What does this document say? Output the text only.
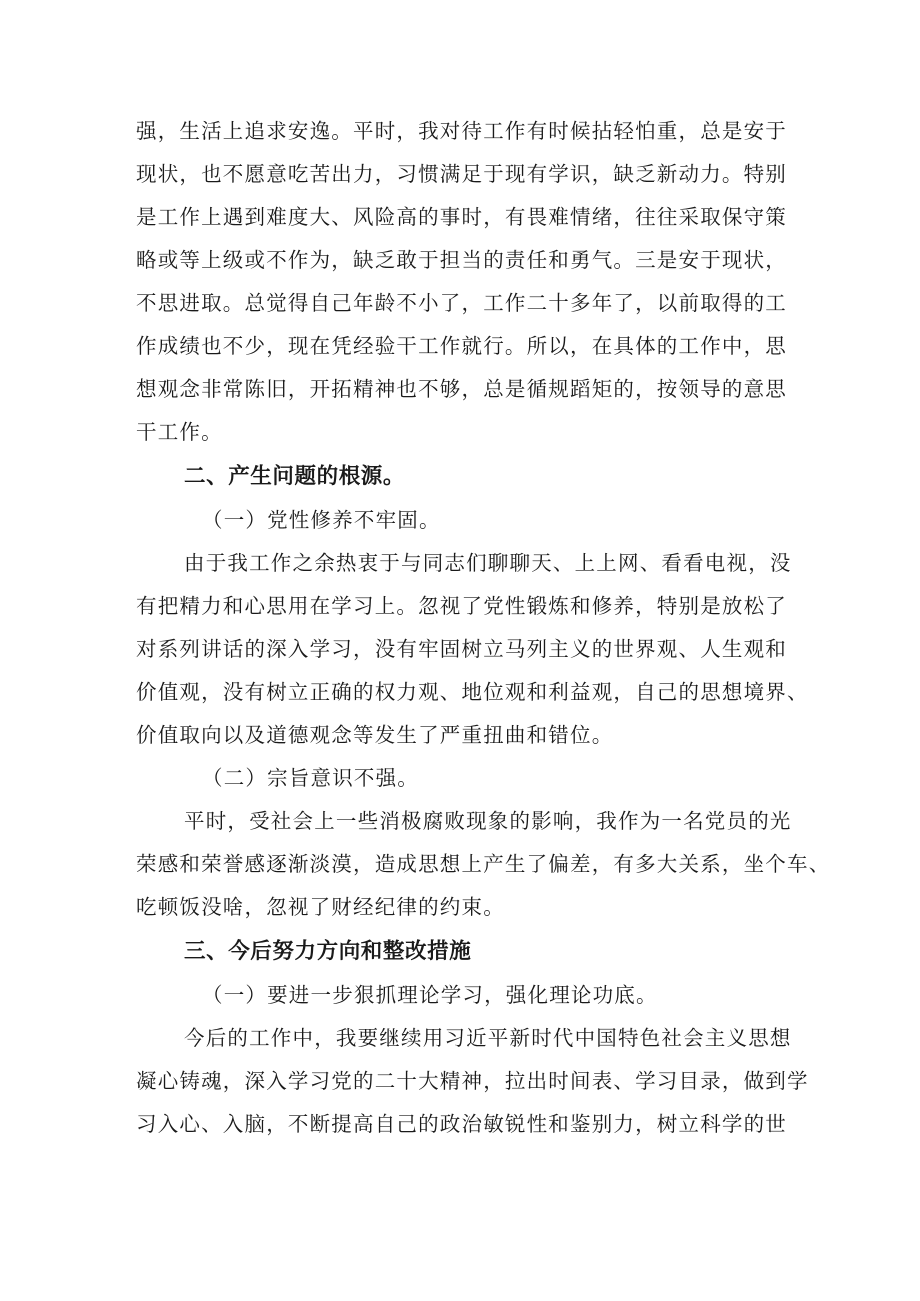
强，生活上追求安逸。平时，我对待工作有时候拈轻怕重，总是安于
现状，也不愿意吃苦出力，习惯满足于现有学识，缺乏新动力。特别
是工作上遇到难度大、风险高的事时，有畏难情绪，往往采取保守策
略或等上级或不作为，缺乏敢于担当的责任和勇气。三是安于现状，
不思进取。总觉得自己年龄不小了，工作二十多年了，以前取得的工
作成绩也不少，现在凭经验干工作就行。所以，在具体的工作中，思
想观念非常陈旧，开拓精神也不够，总是循规蹈矩的，按领导的意思
干工作。
二、产生问题的根源。
（一）党性修养不牢固。
由于我工作之余热衷于与同志们聊聊天、上上网、看看电视，没
有把精力和心思用在学习上。忽视了党性锻炼和修养，特别是放松了
对系列讲话的深入学习，没有牢固树立马列主义的世界观、人生观和
价值观，没有树立正确的权力观、地位观和利益观，自己的思想境界、
价值取向以及道德观念等发生了严重扭曲和错位。
（二）宗旨意识不强。
平时，受社会上一些消极腐败现象的影响，我作为一名党员的光
荣感和荣誉感逐渐淡漠，造成思想上产生了偏差，有多大关系，坐个车、
吃顿饭没啥，忽视了财经纪律的约束。
三、今后努力方向和整改措施
（一）要进一步狠抓理论学习，强化理论功底。
今后的工作中，我要继续用习近平新时代中国特色社会主义思想
凝心铸魂，深入学习党的二十大精神，拉出时间表、学习目录，做到学
习入心、入脑，不断提高自己的政治敏锐性和鉴别力，树立科学的世
